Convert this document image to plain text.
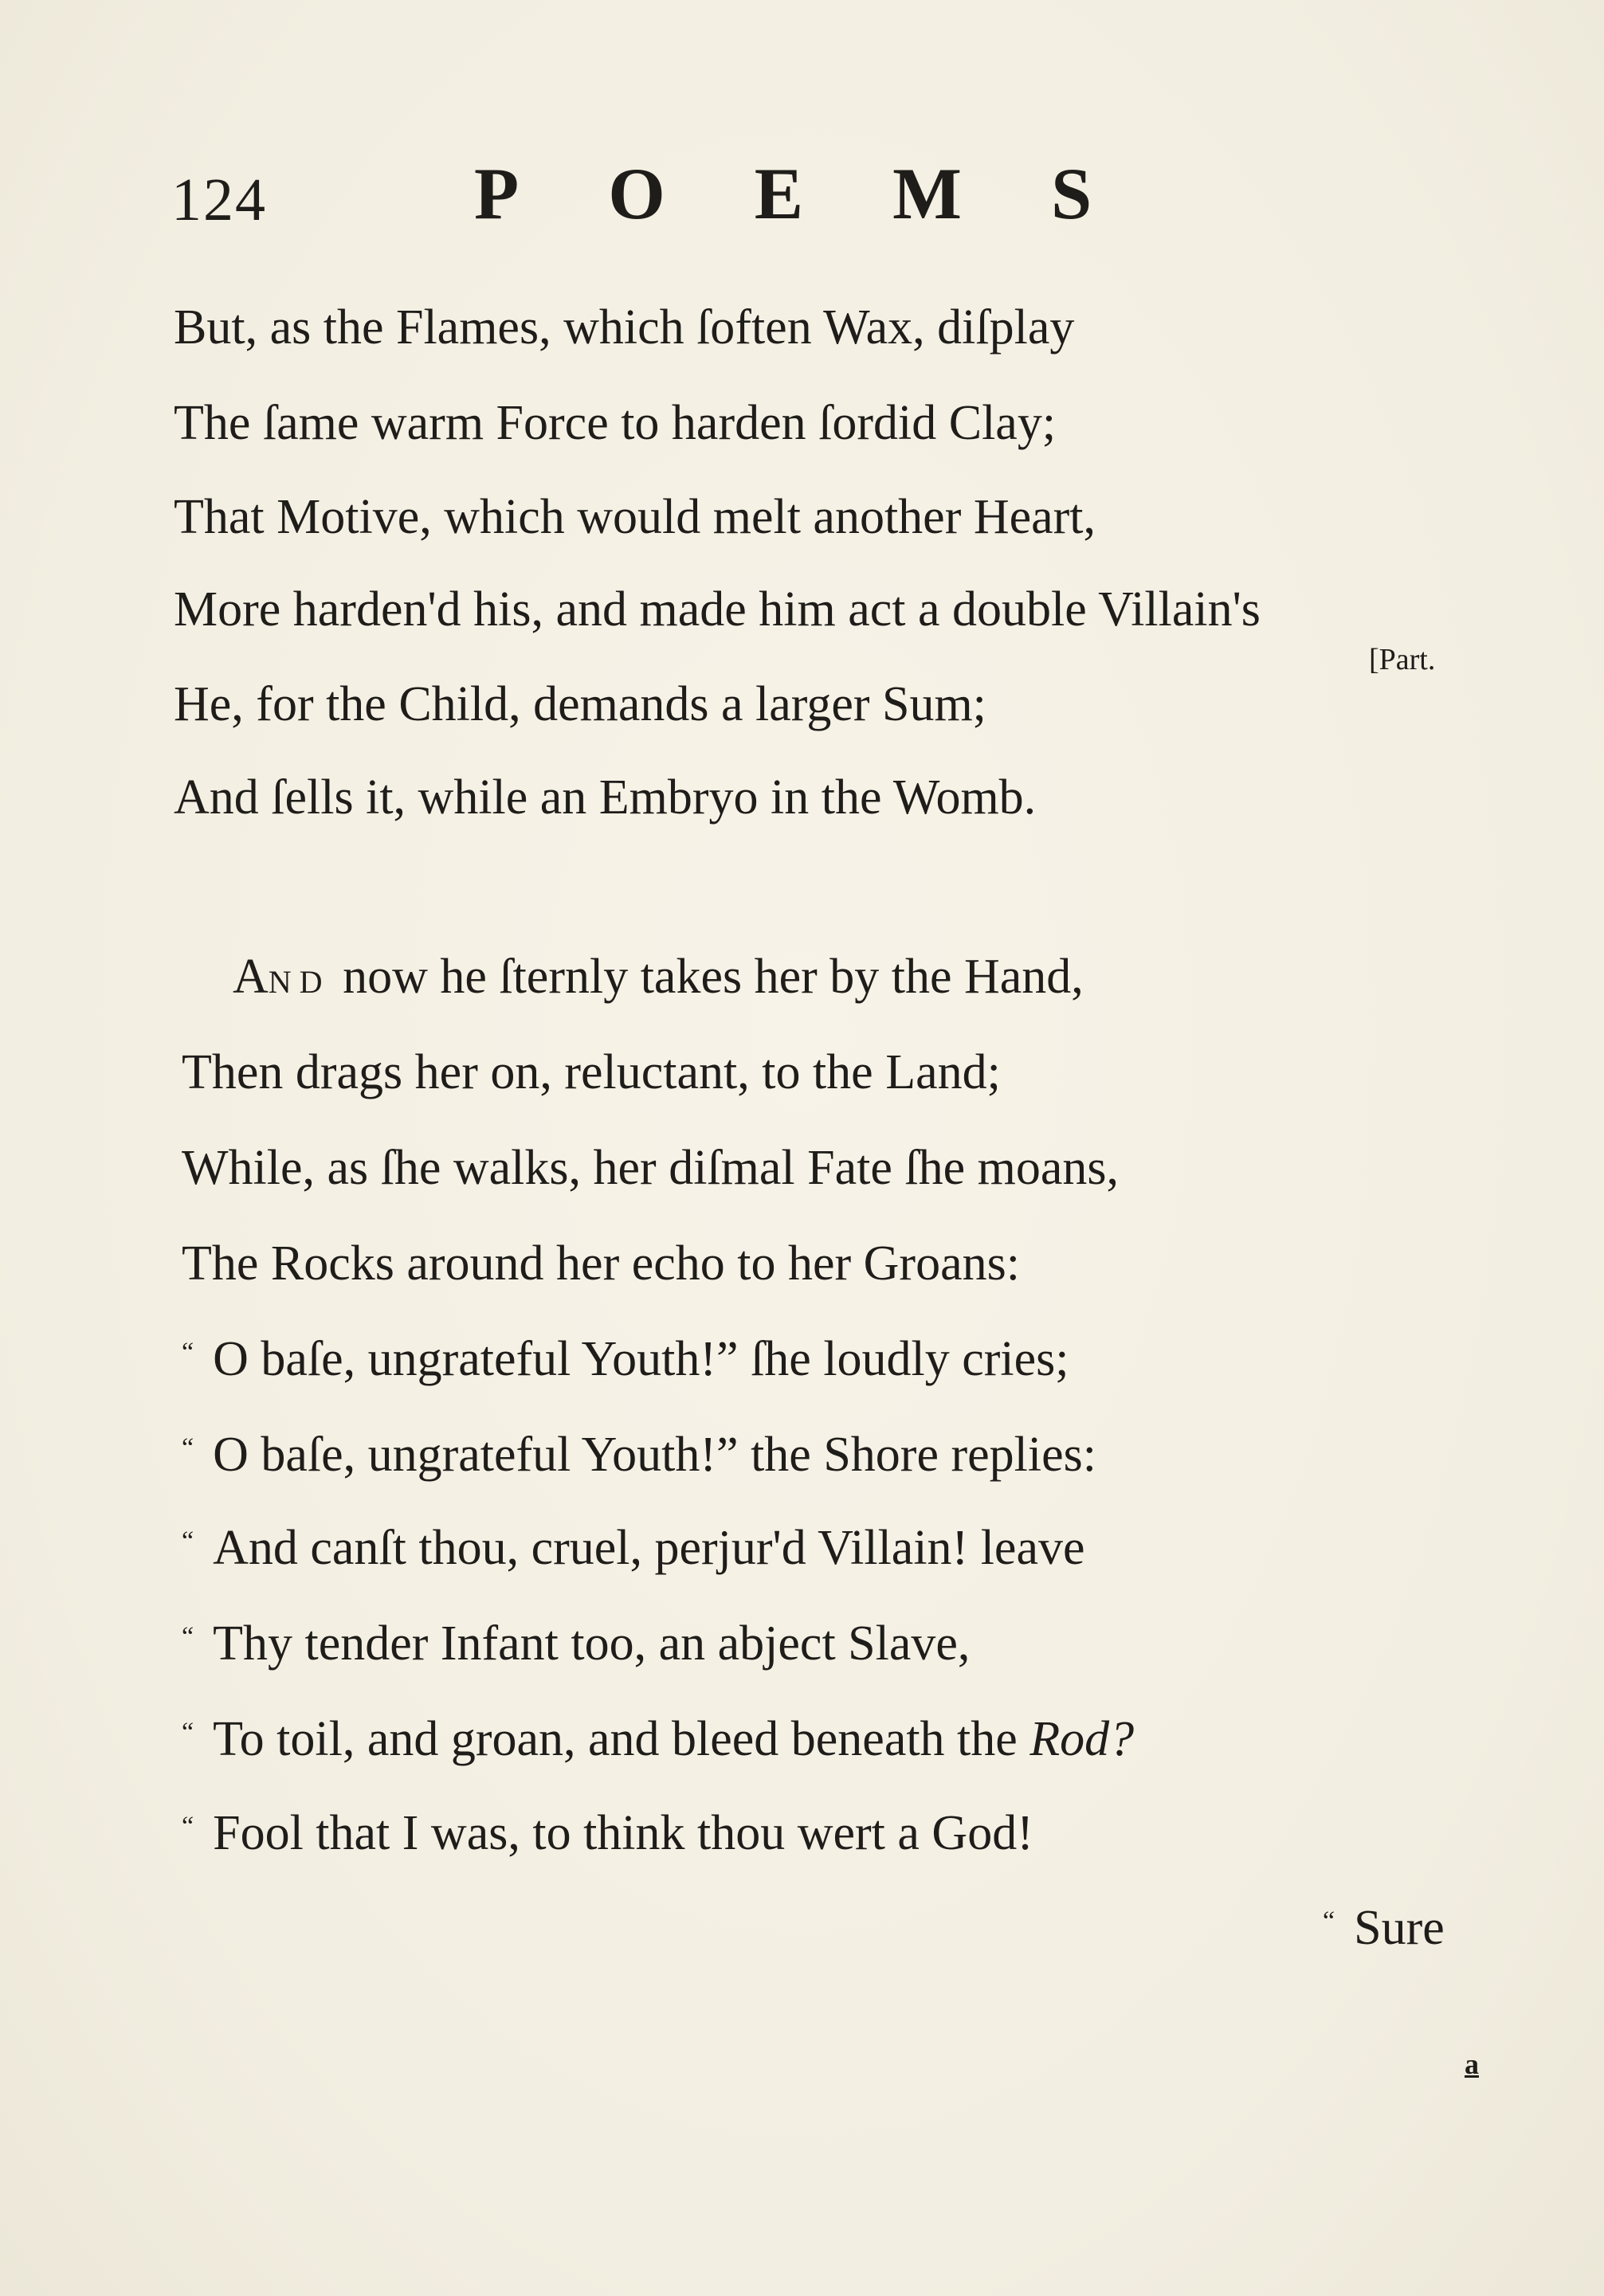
124	POEMS
But, as the Flames, which ſoften Wax, diſplay
The ſame warm Force to harden ſordid Clay;
That Motive, which would melt another Heart,
More harden'd his, and made him act a double Villain's
He, for the Child, demands a larger Sum;
And ſells it, while an Embryo in the Womb.
[Part.
AND now he ſternly takes her by the Hand,
Then drags her on, reluctant, to the Land;
While, as ſhe walks, her diſmal Fate ſhe moans,
The Rocks around her echo to her Groans:
“ O baſe, ungrateful Youth!” ſhe loudly cries;
“ O baſe, ungrateful Youth!” the Shore replies:
“ And canſt thou, cruel, perjur'd Villain! leave
“ Thy tender Infant too, an abject Slave,
“ To toil, and groan, and bleed beneath the Rod?
“ Fool that I was, to think thou wert a God!
“ Sure
a
